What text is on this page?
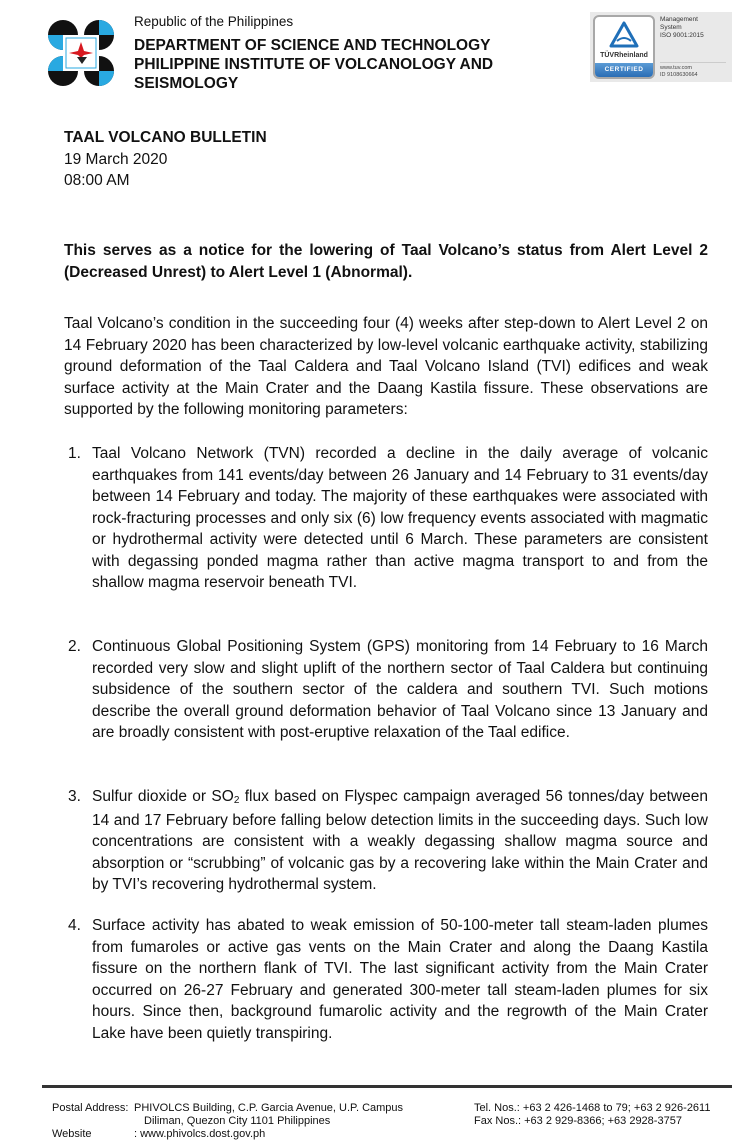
Republic of the Philippines
DEPARTMENT OF SCIENCE AND TECHNOLOGY
PHILIPPINE INSTITUTE OF VOLCANOLOGY AND SEISMOLOGY
TÜVRheinland
CERTIFIED
Management
System
ISO 9001:2015
www.tuv.com
ID 9108630664
TAAL VOLCANO BULLETIN
19 March 2020
08:00 AM
This serves as a notice for the lowering of Taal Volcano’s status from Alert Level 2 (Decreased Unrest) to Alert Level 1 (Abnormal).
Taal Volcano’s condition in the succeeding four (4) weeks after step-down to Alert Level 2 on 14 February 2020 has been characterized by low-level volcanic earthquake activity, stabilizing ground deformation of the Taal Caldera and Taal Volcano Island (TVI) edifices and weak surface activity at the Main Crater and the Daang Kastila fissure. These observations are supported by the following monitoring parameters:
1. Taal Volcano Network (TVN) recorded a decline in the daily average of volcanic earthquakes from 141 events/day between 26 January and 14 February to 31 events/day between 14 February and today. The majority of these earthquakes were associated with rock-fracturing processes and only six (6) low frequency events associated with magmatic or hydrothermal activity were detected until 6 March. These parameters are consistent with degassing ponded magma rather than active magma transport to and from the shallow magma reservoir beneath TVI.
2. Continuous Global Positioning System (GPS) monitoring from 14 February to 16 March recorded very slow and slight uplift of the northern sector of Taal Caldera but continuing subsidence of the southern sector of the caldera and southern TVI. Such motions describe the overall ground deformation behavior of Taal Volcano since 13 January and are broadly consistent with post-eruptive relaxation of the Taal edifice.
3. Sulfur dioxide or $SO_2$ flux based on Flyspec campaign averaged 56 tonnes/day between 14 and 17 February before falling below detection limits in the succeeding days. Such low concentrations are consistent with a weakly degassing shallow magma source and absorption or “scrubbing” of volcanic gas by a recovering lake within the Main Crater and by TVI’s recovering hydrothermal system.
4. Surface activity has abated to weak emission of 50-100-meter tall steam-laden plumes from fumaroles or active gas vents on the Main Crater and along the Daang Kastila fissure on the northern flank of TVI. The last significant activity from the Main Crater occurred on 26-27 February and generated 300-meter tall steam-laden plumes for six hours. Since then, background fumarolic activity and the regrowth of the Main Crater Lake have been quietly transpiring.
Postal Address: PHIVOLCS Building, C.P. Garcia Avenue, U.P. Campus
Diliman, Quezon City 1101 Philippines
Website	: www.phivolcs.dost.gov.ph
Tel. Nos.: +63 2 426-1468 to 79; +63 2 926-2611
Fax Nos.: +63 2 929-8366; +63 2928-3757
